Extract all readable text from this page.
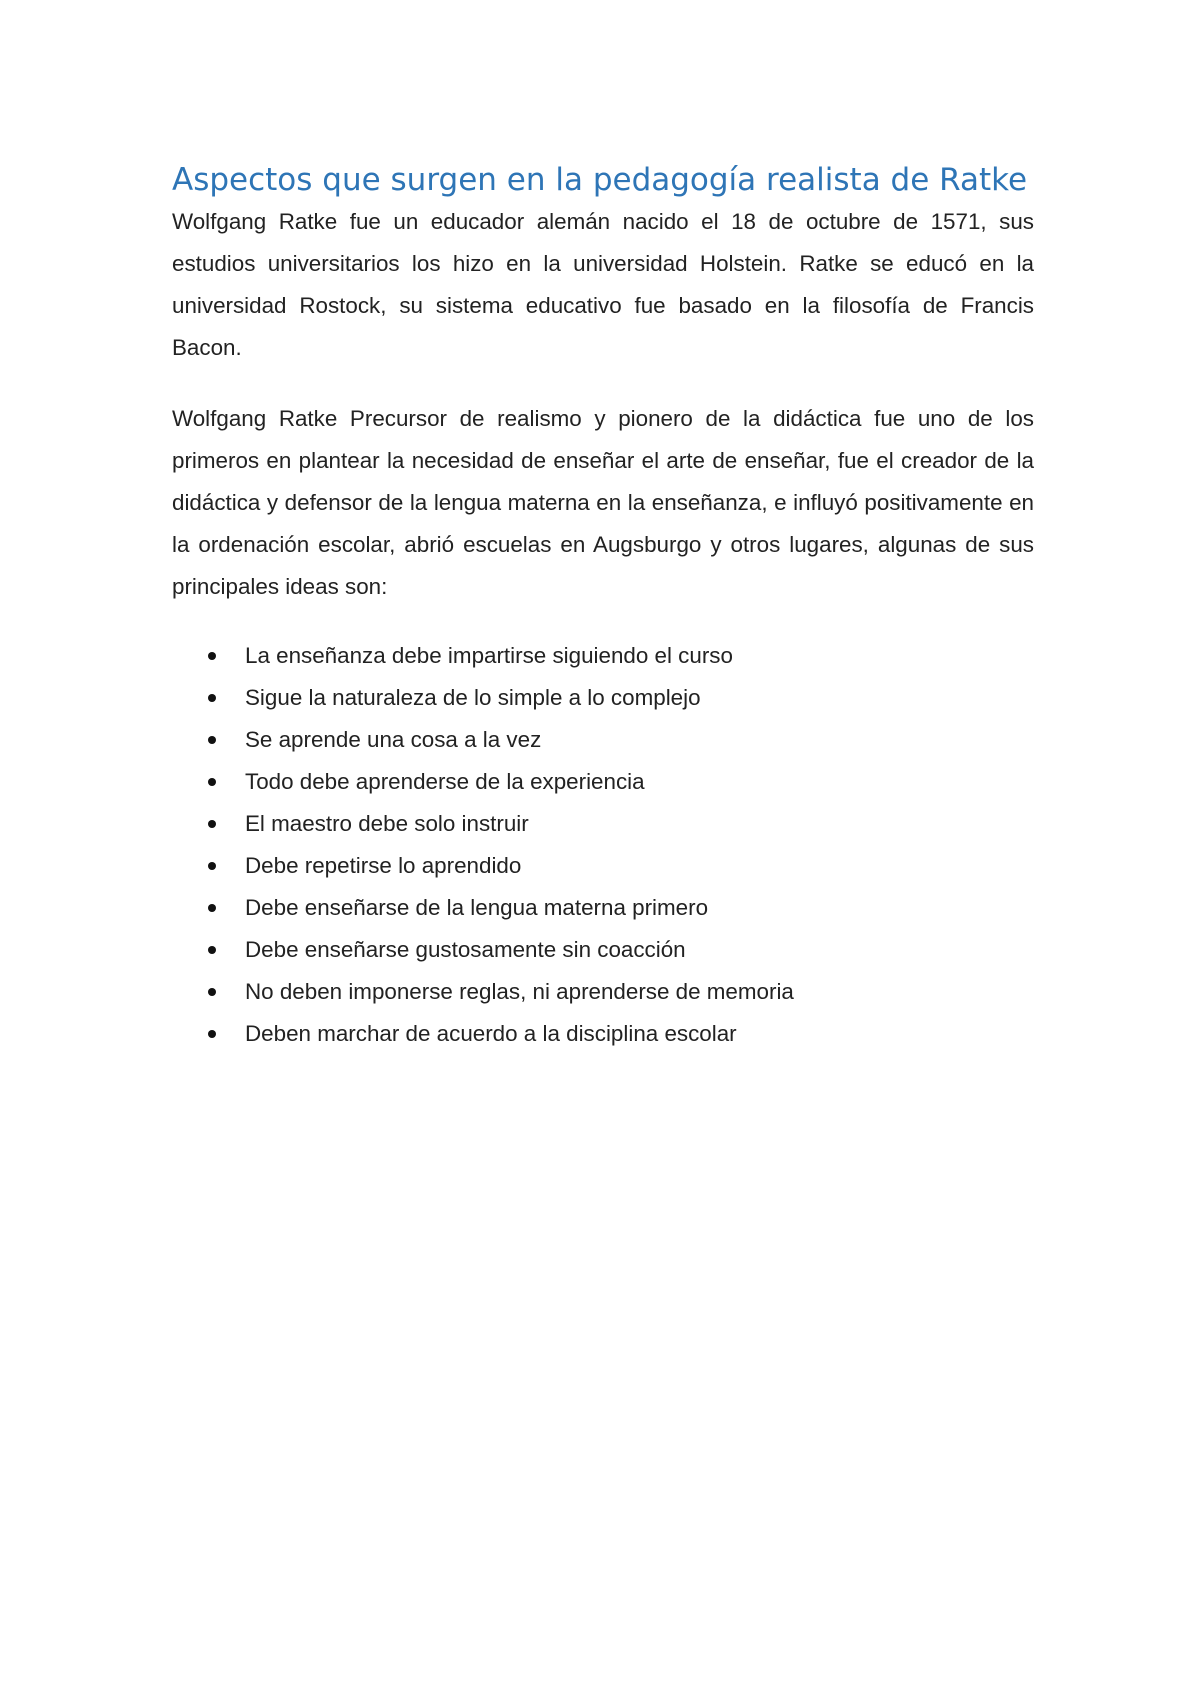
Aspectos que surgen en la pedagogía realista de Ratke

Wolfgang Ratke fue un educador alemán nacido el 18 de octubre de 1571, sus estudios universitarios los hizo en la universidad Holstein. Ratke se educó en la universidad Rostock, su sistema educativo fue basado en la filosofía de Francis Bacon.

Wolfgang Ratke Precursor de realismo y pionero de la didáctica fue uno de los primeros en plantear la necesidad de enseñar el arte de enseñar, fue el creador de la didáctica y defensor de la lengua materna en la enseñanza, e influyó positivamente en la ordenación escolar, abrió escuelas en Augsburgo y otros lugares, algunas de sus principales ideas son:

La enseñanza debe impartirse siguiendo el curso
Sigue la naturaleza de lo simple a lo complejo
Se aprende una cosa a la vez
Todo debe aprenderse de la experiencia
El maestro debe solo instruir
Debe repetirse lo aprendido
Debe enseñarse de la lengua materna primero
Debe enseñarse gustosamente sin coacción
No deben imponerse reglas, ni aprenderse de memoria
Deben marchar de acuerdo a la disciplina escolar
